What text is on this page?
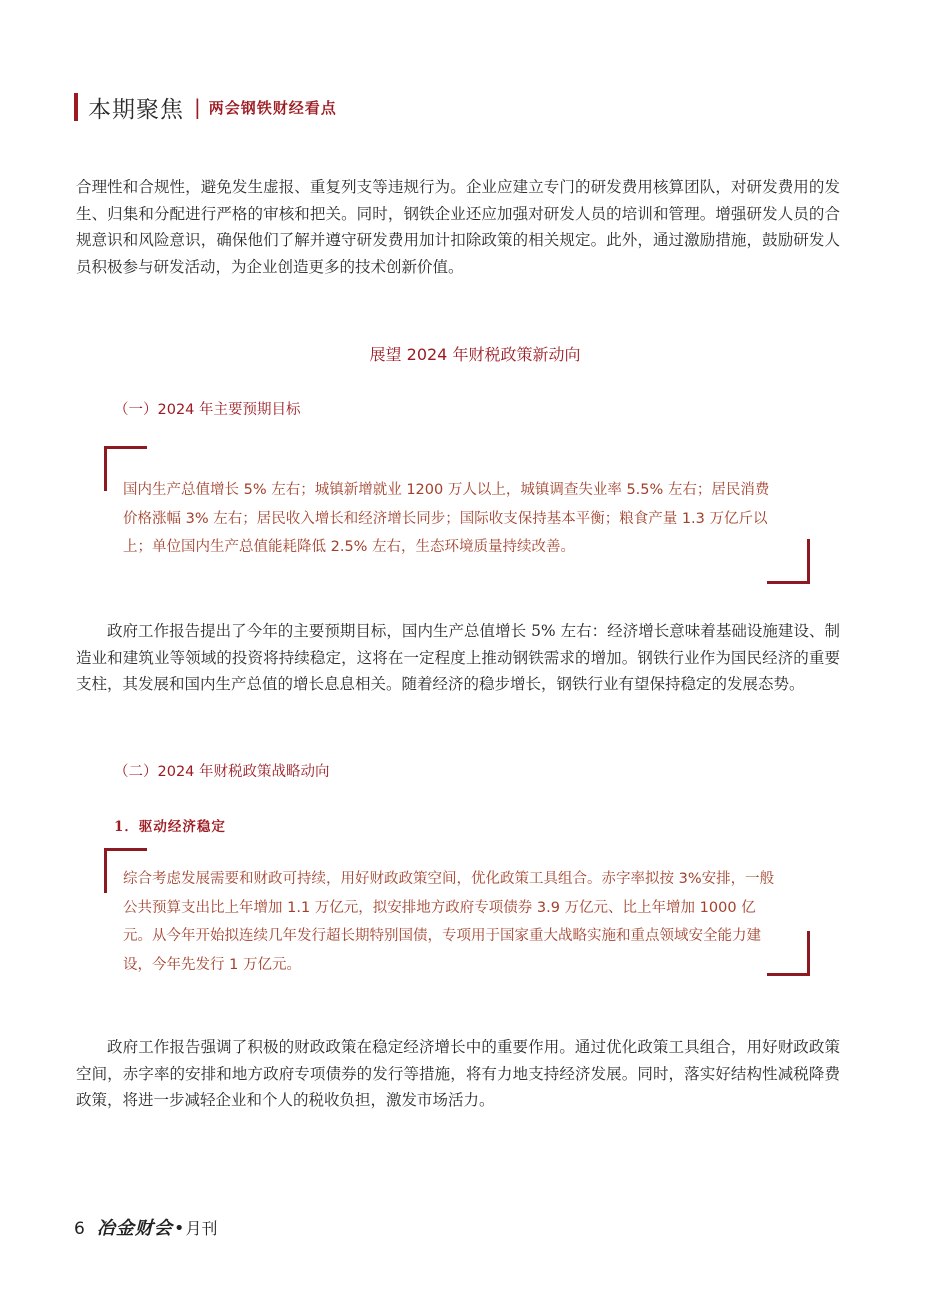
本期聚焦 | 两会钢铁财经看点

合理性和合规性，避免发生虚报、重复列支等违规行为。企业应建立专门的研发费用核算团队，对研发费用的发生、归集和分配进行严格的审核和把关。同时，钢铁企业还应加强对研发人员的培训和管理。增强研发人员的合规意识和风险意识，确保他们了解并遵守研发费用加计扣除政策的相关规定。此外，通过激励措施，鼓励研发人员积极参与研发活动，为企业创造更多的技术创新价值。

展望 2024 年财税政策新动向

（一）2024 年主要预期目标

国内生产总值增长 5% 左右；城镇新增就业 1200 万人以上，城镇调查失业率 5.5% 左右；居民消费价格涨幅 3% 左右；居民收入增长和经济增长同步；国际收支保持基本平衡；粮食产量 1.3 万亿斤以上；单位国内生产总值能耗降低 2.5% 左右，生态环境质量持续改善。

政府工作报告提出了今年的主要预期目标，国内生产总值增长 5% 左右：经济增长意味着基础设施建设、制造业和建筑业等领域的投资将持续稳定，这将在一定程度上推动钢铁需求的增加。钢铁行业作为国民经济的重要支柱，其发展和国内生产总值的增长息息相关。随着经济的稳步增长，钢铁行业有望保持稳定的发展态势。

（二）2024 年财税政策战略动向

1．驱动经济稳定

综合考虑发展需要和财政可持续，用好财政政策空间，优化政策工具组合。赤字率拟按 3%安排，一般公共预算支出比上年增加 1.1 万亿元，拟安排地方政府专项债券 3.9 万亿元、比上年增加 1000 亿元。从今年开始拟连续几年发行超长期特别国债，专项用于国家重大战略实施和重点领域安全能力建设，今年先发行 1 万亿元。

政府工作报告强调了积极的财政政策在稳定经济增长中的重要作用。通过优化政策工具组合，用好财政政策空间，赤字率的安排和地方政府专项债券的发行等措施，将有力地支持经济发展。同时，落实好结构性减税降费政策，将进一步减轻企业和个人的税收负担，激发市场活力。

6 冶金财会 • 月刊
